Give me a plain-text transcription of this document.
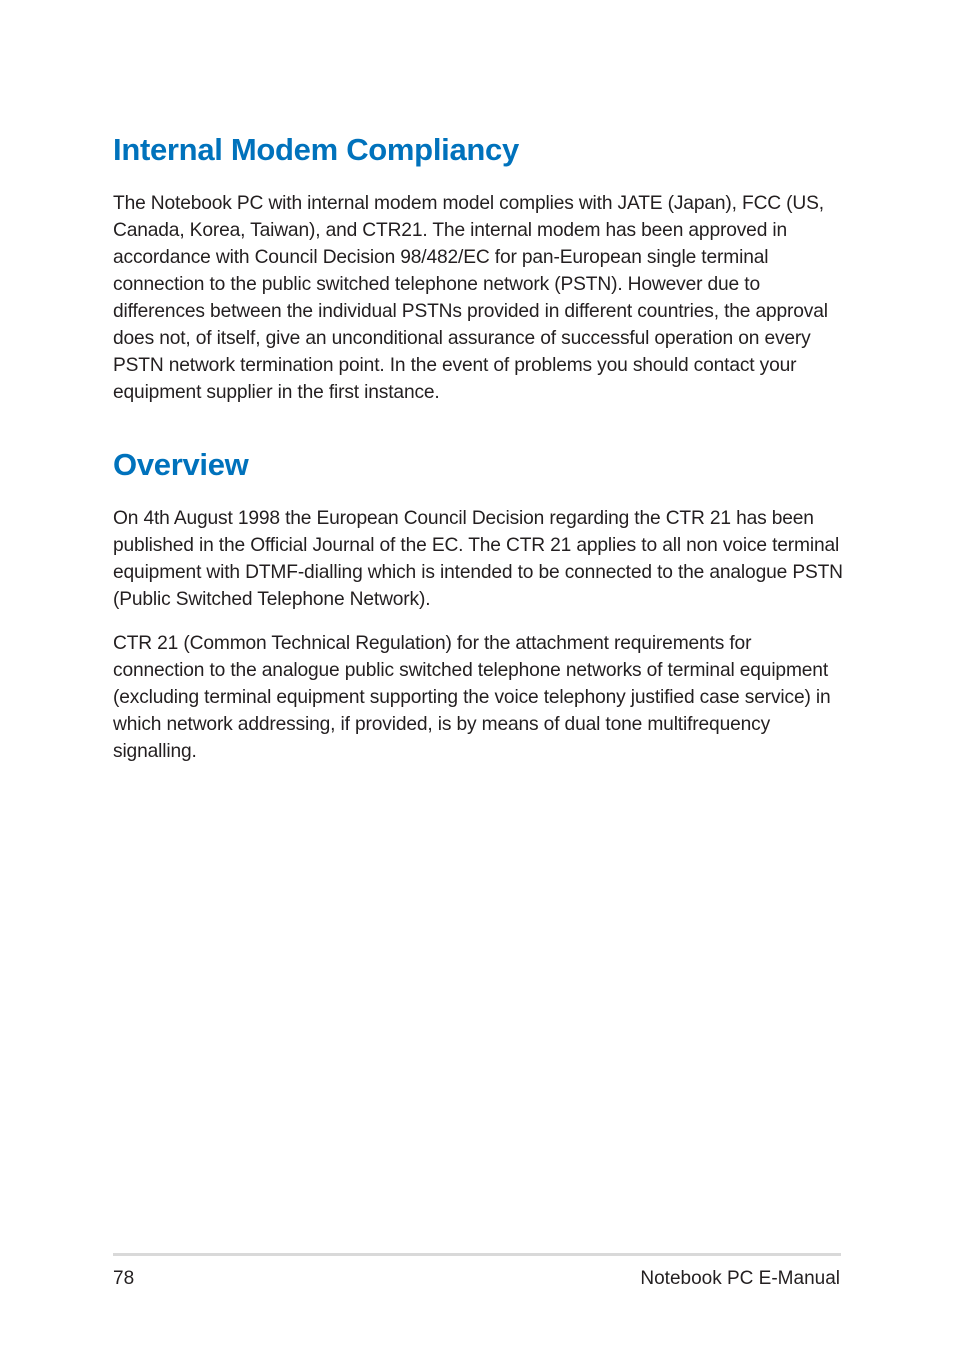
Internal Modem Compliancy

The Notebook PC with internal modem model complies with JATE (Japan), FCC (US, Canada, Korea, Taiwan), and CTR21. The internal modem has been approved in accordance with Council Decision 98/482/EC for pan-European single terminal connection to the public switched telephone network (PSTN). However due to differences between the individual PSTNs provided in different countries, the approval does not, of itself, give an unconditional assurance of successful operation on every PSTN network termination point. In the event of problems you should contact your equipment supplier in the first instance.

Overview

On 4th August 1998 the European Council Decision regarding the CTR 21 has been published in the Official Journal of the EC. The CTR 21 applies to all non voice terminal equipment with DTMF-dialling which is intended to be connected to the analogue PSTN (Public Switched Telephone Network).

CTR 21 (Common Technical Regulation) for the attachment requirements for connection to the analogue public switched telephone networks of terminal equipment (excluding terminal equipment supporting the voice telephony justified case service) in which network addressing, if provided, is by means of dual tone multifrequency signalling.

78	Notebook PC E-Manual
